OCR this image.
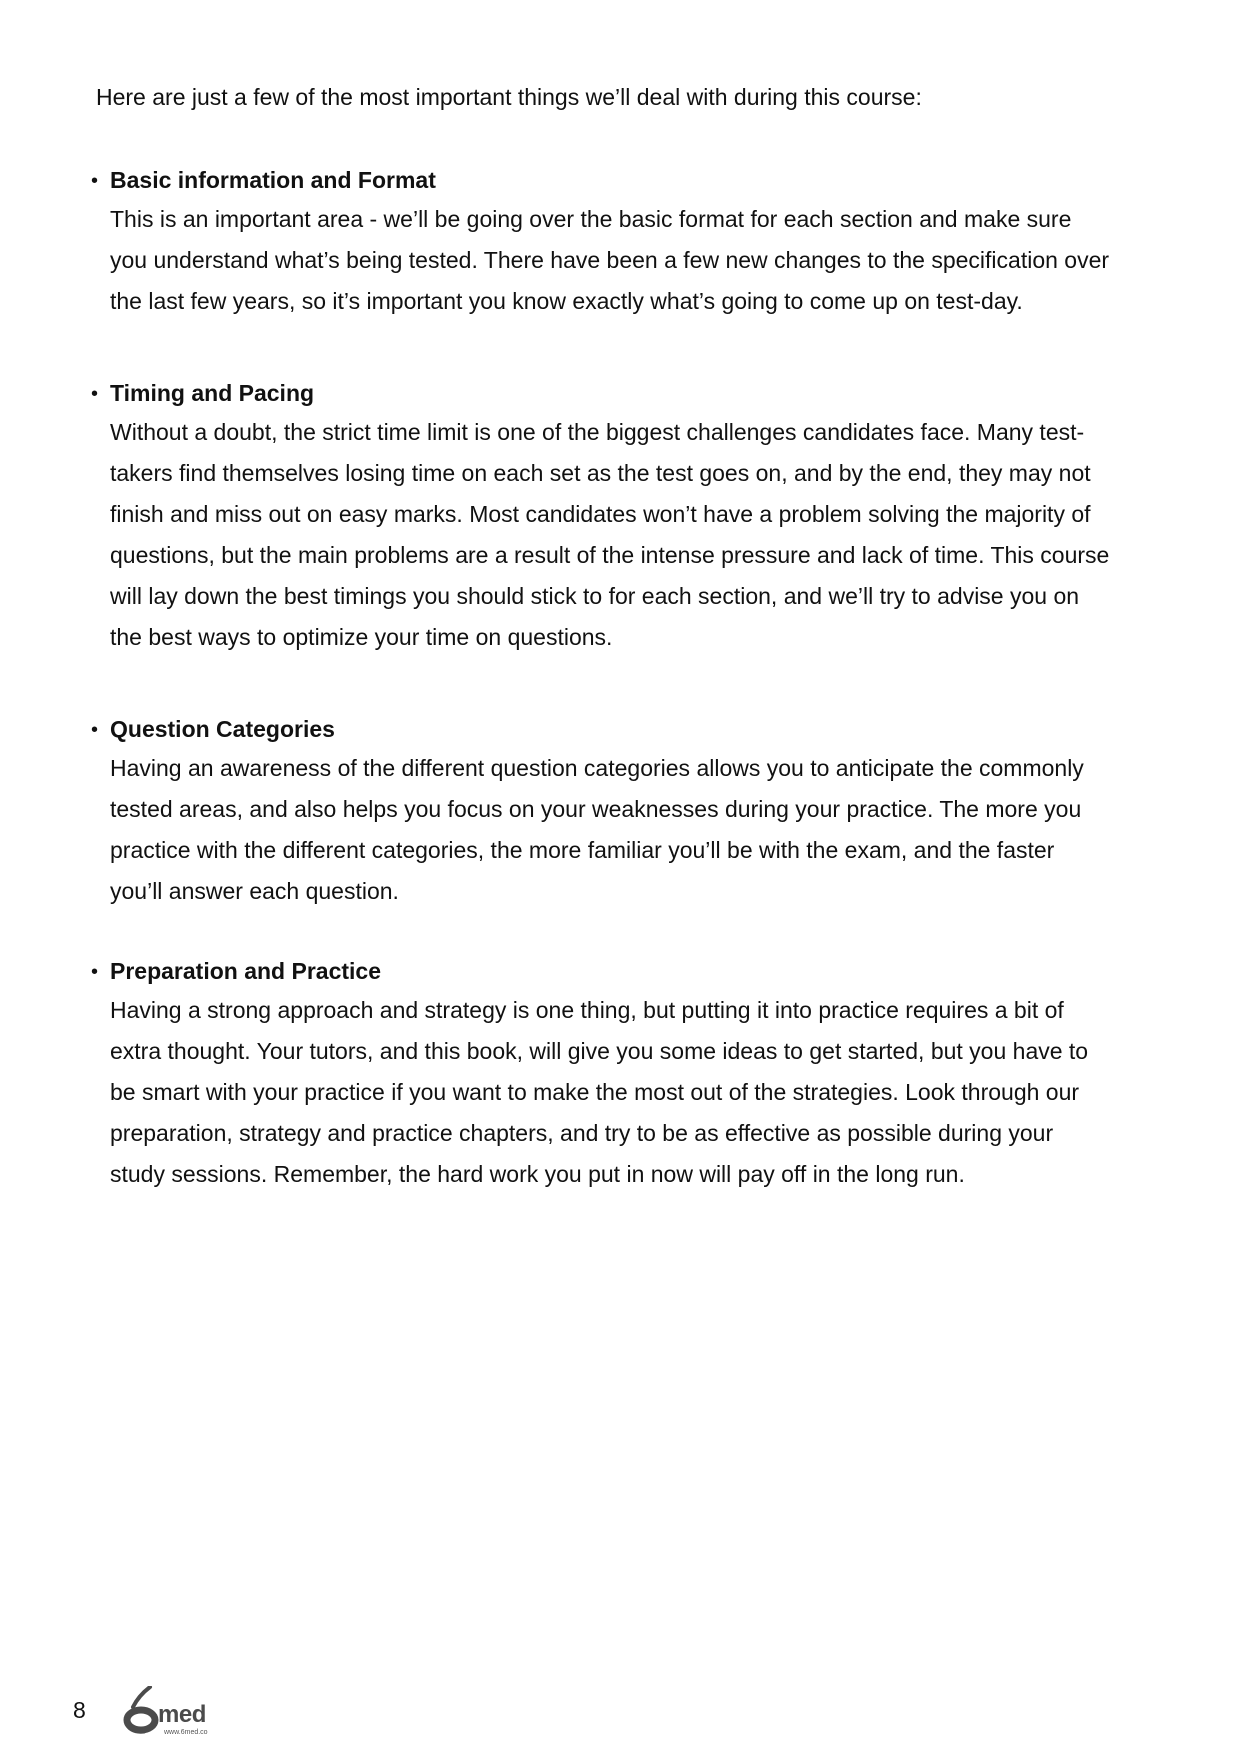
Here are just a few of the most important things we’ll deal with during this course:

• Basic information and Format

This is an important area - we’ll be going over the basic format for each section and make sure you understand what’s being tested. There have been a few new changes to the specification over the last few years, so it’s important you know exactly what’s going to come up on test-day.

• Timing and Pacing

Without a doubt, the strict time limit is one of the biggest challenges candidates face. Many test-takers find themselves losing time on each set as the test goes on, and by the end, they may not finish and miss out on easy marks. Most candidates won’t have a problem solving the majority of questions, but the main problems are a result of the intense pressure and lack of time. This course will lay down the best timings you should stick to for each section, and we’ll try to advise you on the best ways to optimize your time on questions.

• Question Categories

Having an awareness of the different question categories allows you to anticipate the commonly tested areas, and also helps you focus on your weaknesses during your practice. The more you practice with the different categories, the more familiar you’ll be with the exam, and the faster you’ll answer each question.

• Preparation and Practice

Having a strong approach and strategy is one thing, but putting it into practice requires a bit of extra thought. Your tutors, and this book, will give you some ideas to get started, but you have to be smart with your practice if you want to make the most out of the strategies. Look through our preparation, strategy and practice chapters, and try to be as effective as possible during your study sessions. Remember, the hard work you put in now will pay off in the long run.

8	med
www.6med.co
